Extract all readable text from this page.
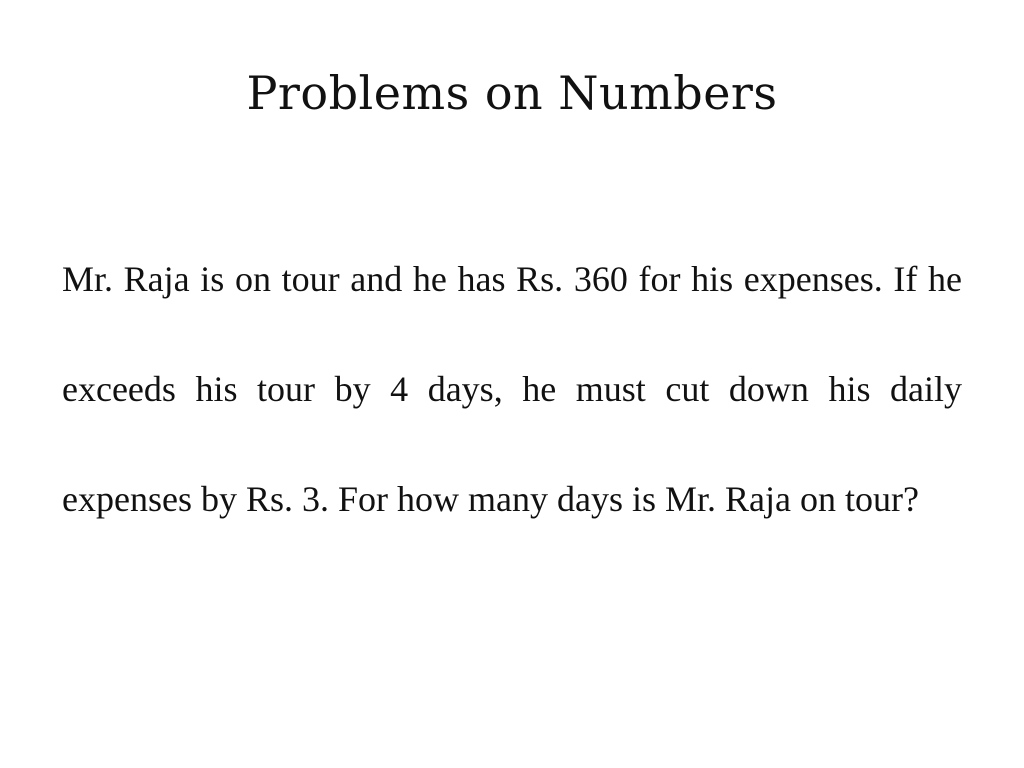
Problems on Numbers

Mr. Raja is on tour and he has Rs. 360 for his expenses. If he exceeds his tour by 4 days, he must cut down his daily expenses by Rs. 3. For how many days is Mr. Raja on tour?
